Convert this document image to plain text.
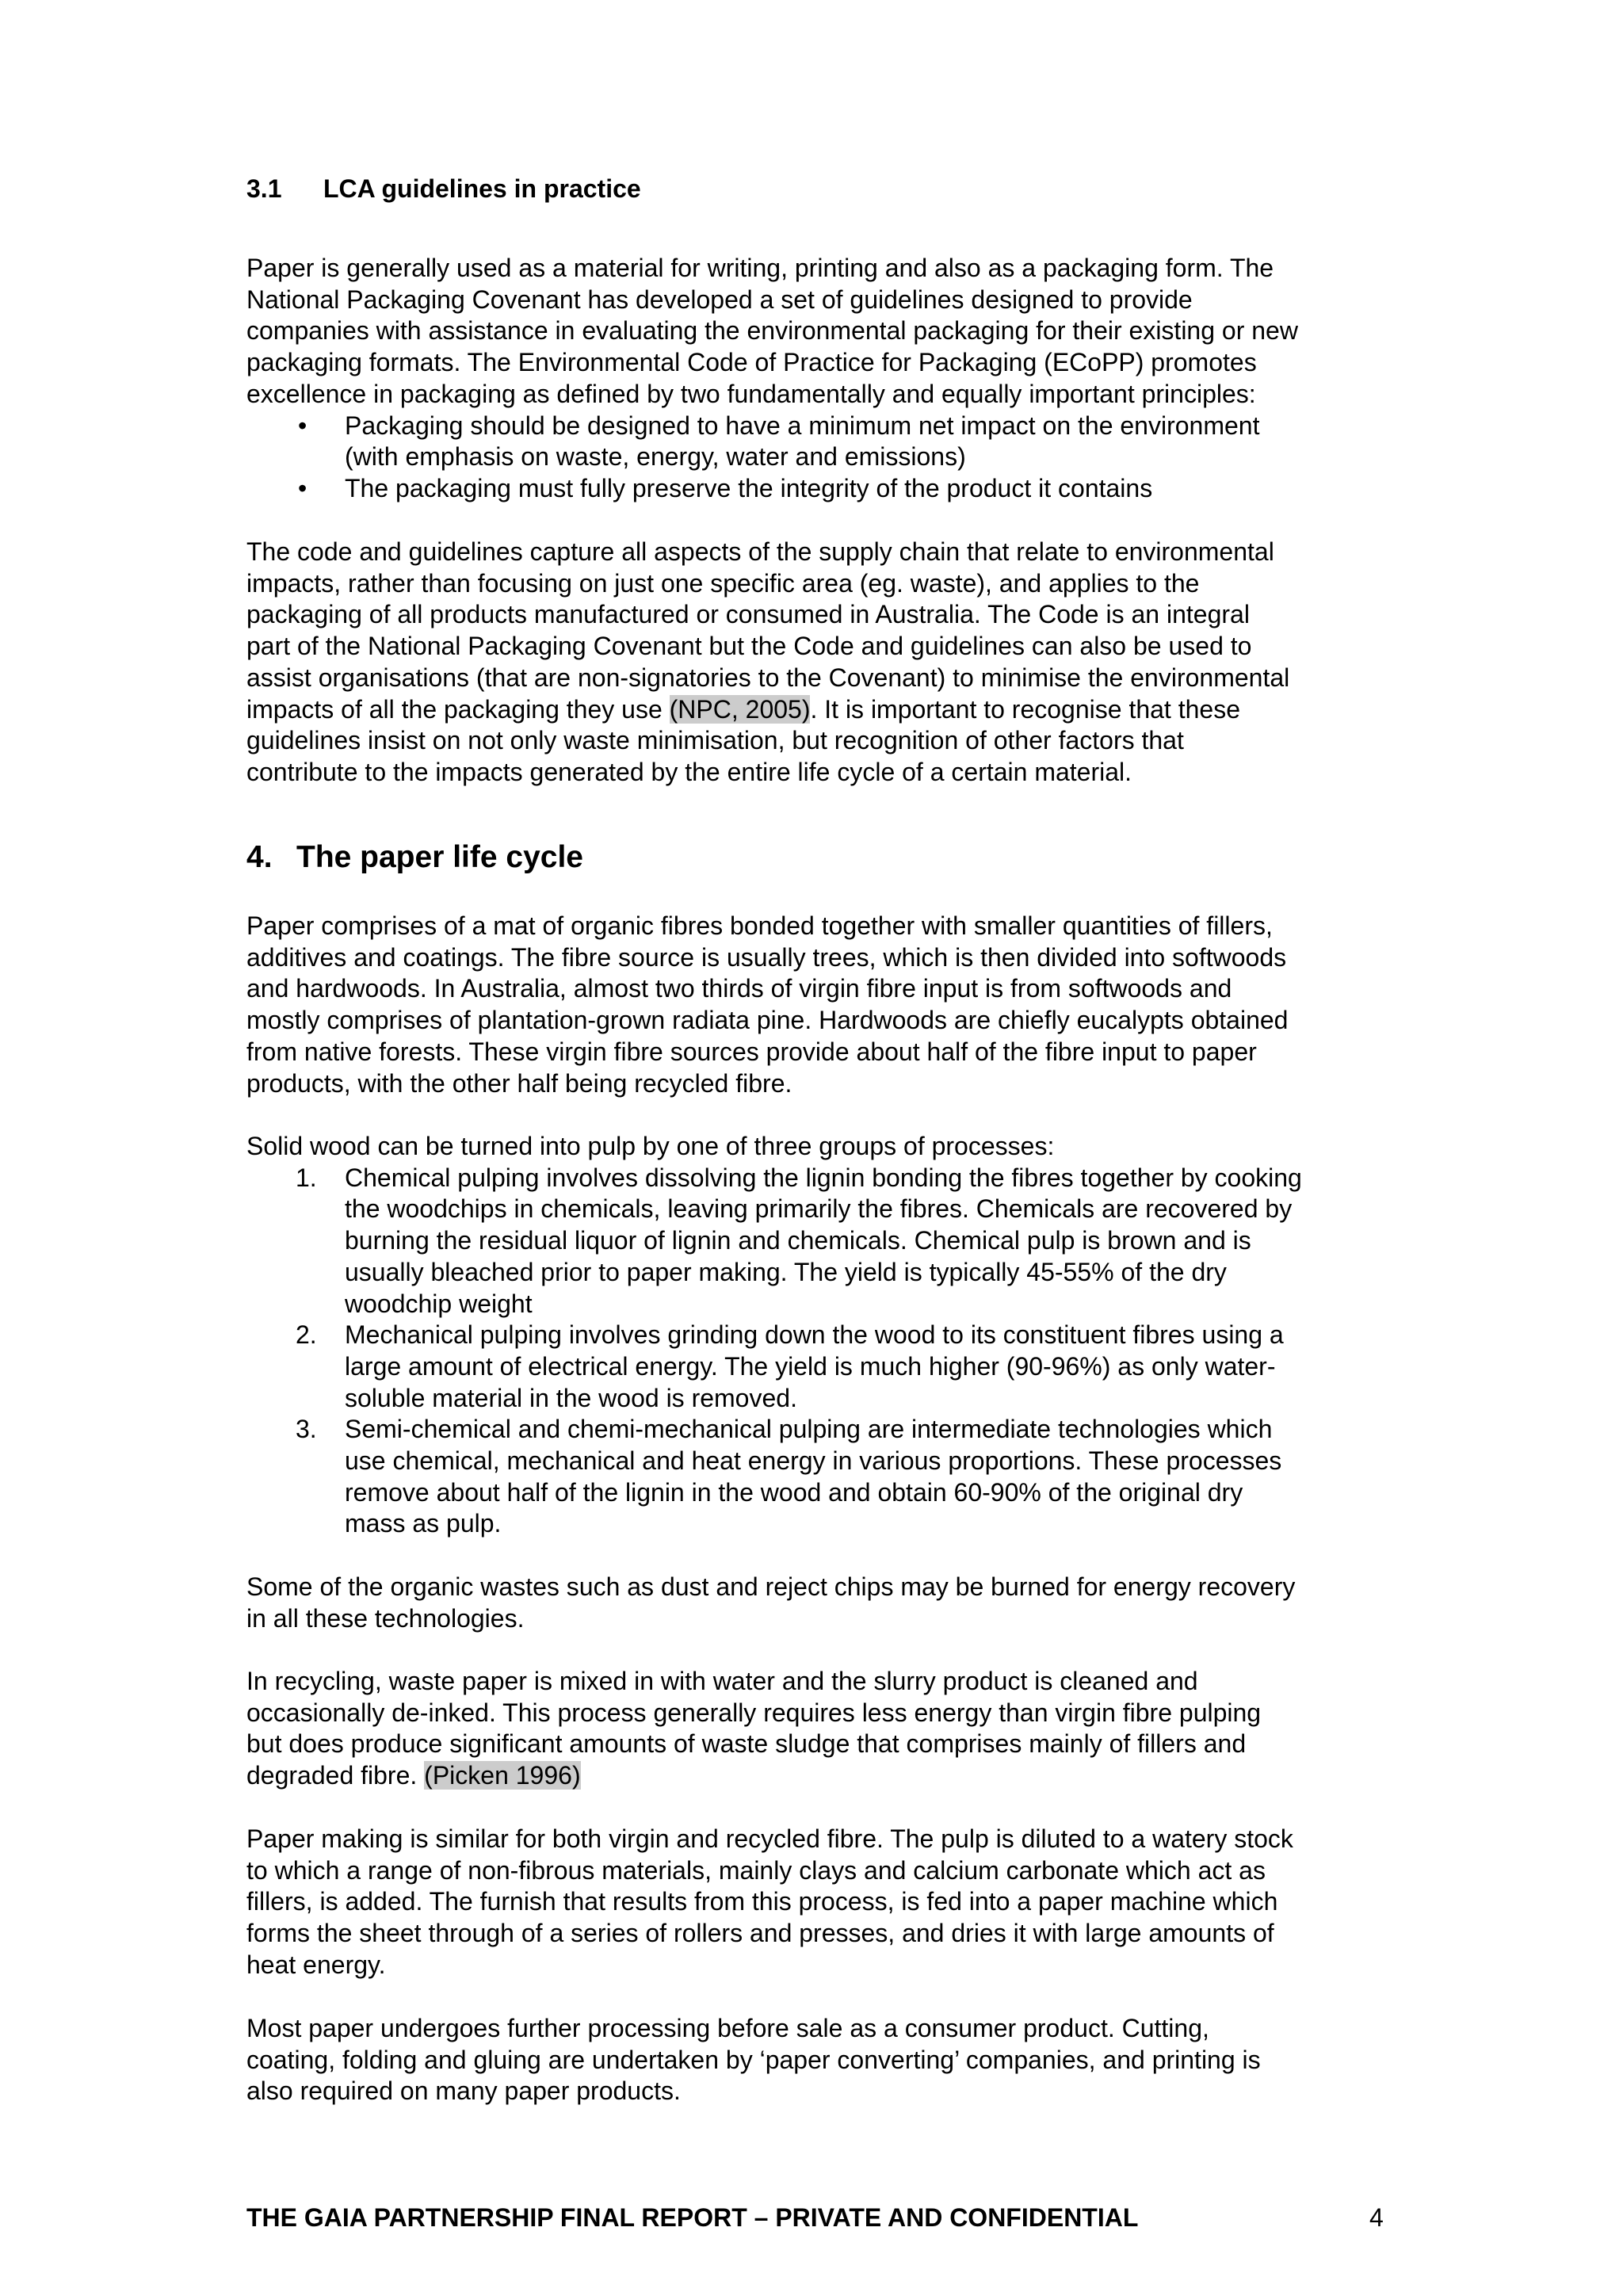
3.1 LCA guidelines in practice

Paper is generally used as a material for writing, printing and also as a packaging form. The
National Packaging Covenant has developed a set of guidelines designed to provide
companies with assistance in evaluating the environmental packaging for their existing or new
packaging formats. The Environmental Code of Practice for Packaging (ECoPP) promotes
excellence in packaging as defined by two fundamentally and equally important principles:

• Packaging should be designed to have a minimum net impact on the environment
(with emphasis on waste, energy, water and emissions)
• The packaging must fully preserve the integrity of the product it contains

The code and guidelines capture all aspects of the supply chain that relate to environmental
impacts, rather than focusing on just one specific area (eg. waste), and applies to the
packaging of all products manufactured or consumed in Australia. The Code is an integral
part of the National Packaging Covenant but the Code and guidelines can also be used to
assist organisations (that are non-signatories to the Covenant) to minimise the environmental
impacts of all the packaging they use (NPC, 2005). It is important to recognise that these
guidelines insist on not only waste minimisation, but recognition of other factors that
contribute to the impacts generated by the entire life cycle of a certain material.

4. The paper life cycle

Paper comprises of a mat of organic fibres bonded together with smaller quantities of fillers,
additives and coatings. The fibre source is usually trees, which is then divided into softwoods
and hardwoods. In Australia, almost two thirds of virgin fibre input is from softwoods and
mostly comprises of plantation-grown radiata pine. Hardwoods are chiefly eucalypts obtained
from native forests. These virgin fibre sources provide about half of the fibre input to paper
products, with the other half being recycled fibre.

Solid wood can be turned into pulp by one of three groups of processes:

1. Chemical pulping involves dissolving the lignin bonding the fibres together by cooking
the woodchips in chemicals, leaving primarily the fibres. Chemicals are recovered by
burning the residual liquor of lignin and chemicals. Chemical pulp is brown and is
usually bleached prior to paper making. The yield is typically 45-55% of the dry
woodchip weight
2. Mechanical pulping involves grinding down the wood to its constituent fibres using a
large amount of electrical energy. The yield is much higher (90-96%) as only water-
soluble material in the wood is removed.
3. Semi-chemical and chemi-mechanical pulping are intermediate technologies which
use chemical, mechanical and heat energy in various proportions. These processes
remove about half of the lignin in the wood and obtain 60-90% of the original dry
mass as pulp.

Some of the organic wastes such as dust and reject chips may be burned for energy recovery
in all these technologies.

In recycling, waste paper is mixed in with water and the slurry product is cleaned and
occasionally de-inked. This process generally requires less energy than virgin fibre pulping
but does produce significant amounts of waste sludge that comprises mainly of fillers and
degraded fibre. (Picken 1996)

Paper making is similar for both virgin and recycled fibre. The pulp is diluted to a watery stock
to which a range of non-fibrous materials, mainly clays and calcium carbonate which act as
fillers, is added. The furnish that results from this process, is fed into a paper machine which
forms the sheet through of a series of rollers and presses, and dries it with large amounts of
heat energy.

Most paper undergoes further processing before sale as a consumer product. Cutting,
coating, folding and gluing are undertaken by ‘paper converting’ companies, and printing is
also required on many paper products.

THE GAIA PARTNERSHIP FINAL REPORT – PRIVATE AND CONFIDENTIAL	4
